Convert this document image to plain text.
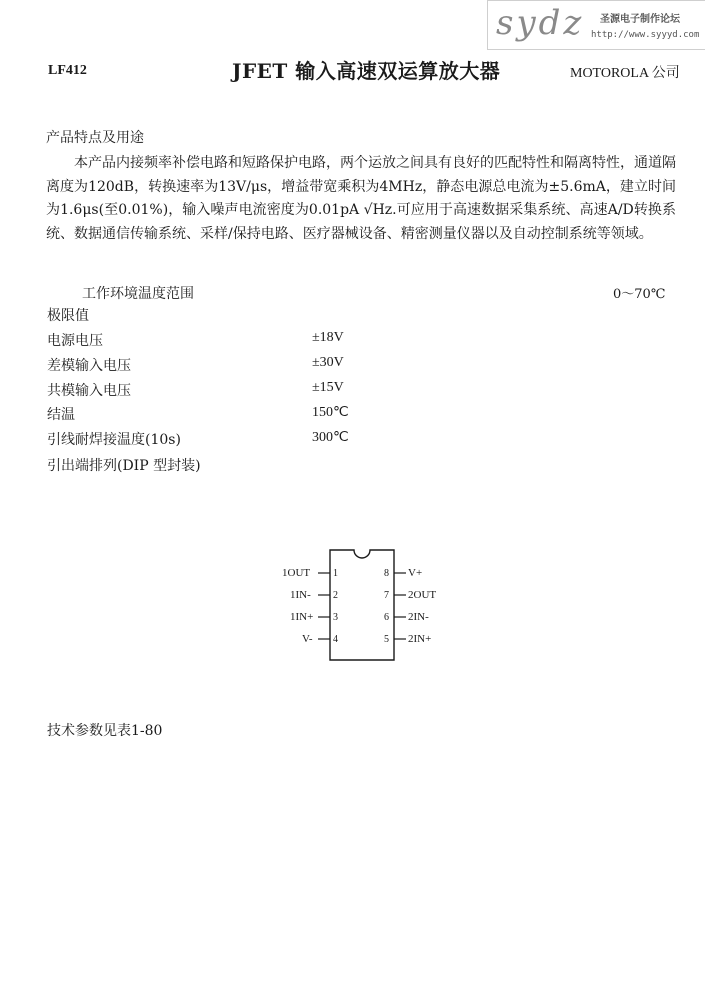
sydz 圣源电子制作论坛
http://www.syyyd.com
LF412	JFET 输入高速双运算放大器	MOTOROLA 公司
产品特点及用途
本产品内接频率补偿电路和短路保护电路，两个运放之间具有良好的匹配特性和隔离特性，通道隔离度为120dB，转换速率为13V/μs，增益带宽乘积为4MHz，静态电源总电流为±5.6mA，建立时间为1.6μs(至0.01%)，输入噪声电流密度为0.01pA √Hz.可应用于高速数据采集系统、高速A/D转换系统、数据通信传输系统、采样/保持电路、医疗器械设备、精密测量仪器以及自动控制系统等领域。
工作环境温度范围	0～70℃
极限值
电源电压	±18V
差模输入电压	±30V
共模输入电压	±15V
结温	150℃
引线耐焊接温度(10s)	300℃
引出端排列(DIP 型封装)
1OUT 1
1IN- 2
1IN+ 3
V- 4
8 V+
7 2OUT
6 2IN-
5 2IN+
技术参数见表1-80
